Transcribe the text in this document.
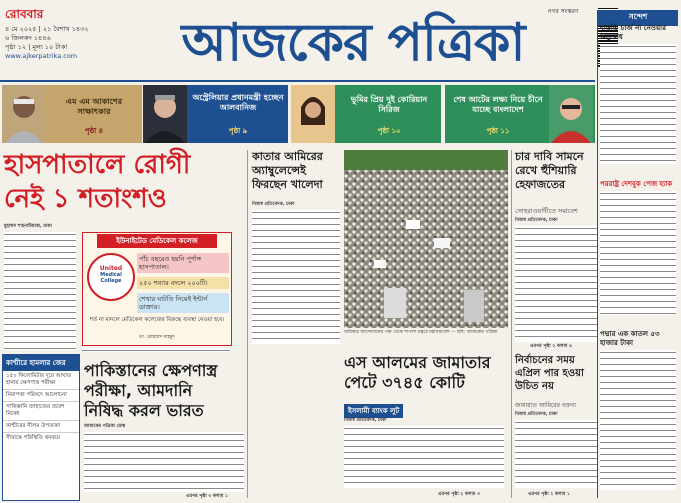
রোববার
৪ মে ২০২৫ | ২১ বৈশাখ ১৪৩২
৬ জিলকদ ১৪৪৬
পৃষ্ঠা ১২ | মূল্য ১০ টাকা
www.ajkerpatrika.com	আজকের পত্রিকা
নগর সংস্করণ
এম এম আকাশের সাক্ষাৎকার
পৃষ্ঠা ৪
অস্ট্রেলিয়ার প্রধানমন্ত্রী হচ্ছেন আলবানিজ
পৃষ্ঠা ৯
ভূমির প্রিয় দুই কোরিয়ান সিরিজ
পৃষ্ঠা ১০
শেষ আটের লক্ষ্য নিয়ে চীনে যাচ্ছে বাংলাদেশ
পৃষ্ঠা ১১
হাসপাতালে রোগী
নেই ১ শতাংশও
মুহাম্মদ শাহনাউয়াজ, ঢাকা
ইউনাইটেড মেডিকেল কলেজ
United
Medical
College
পাঁচ বছরেও হয়নি পূর্ণাঙ্গ হাসপাতাল।
২৫০ শয্যার বদলে ২০০টি।
শেখার ঘাটতি নিয়েই ইন্টার্ন ডাক্তার।
শর্ত না মানলে মেডিকেল কলেজের বিরুদ্ধে ব্যবস্থা নেওয়া হবে।
ডা. মোহাম্মদ মাহমুদ
কাশ্মীরে হামলার জের
১৫০ কিলোমিটার দূরে আঘাত হানার ক্ষেপণাস্ত্র পরীক্ষা
নিরাপত্তা পরিষদে আলোচনা
পাকিস্তানি জাহাজের প্রবেশ নিষেধ
কাশ্মীরের নীলম উপত্যকা
সীমান্তে পরিস্থিতি থমথমে
পাকিস্তানের ক্ষেপণাস্ত্র
পরীক্ষা, আমদানি
নিষিদ্ধ করল ভারত
আজকের পত্রিকা ডেস্ক
এরপর পৃষ্ঠা ৩ কলাম ১
কাতার আমিরের অ্যাম্বুলেন্সেই ফিরছেন খালেদা
নিজস্ব প্রতিবেদক, ঢাকা
অধিকার আন্দোলনের পক্ষ থেকে শাপলা চত্বরে মহাসমাবেশ — ছবি: আজকের পত্রিকা
এস আলমের জামাতার
পেটে ৩৭৪৫ কোটি
ইসলামী ব্যাংক লুট
নিজস্ব প্রতিবেদক, ঢাকা
এরপর পৃষ্ঠা ২ কলাম ৩
চার দাবি সামনে রেখে হুঁশিয়ারি হেফাজতের
সোহরাওয়ার্দীতে সমাবেশ
নিজস্ব প্রতিবেদক, ঢাকা
এরপর পৃষ্ঠা ২ কলাম ৪
নির্বাচনের সময় এপ্রিল পার হওয়া উচিত নয়
জামায়াত আমিরের বক্তব্য
নিজস্ব প্রতিবেদক, ঢাকা
এরপর পৃষ্ঠা ২ কলাম ১
সন্দেশ
বাড়তি চার্জ না নেওয়ার অনুরোধ
পররাষ্ট্র দেশবুক পেজ হ্যাক
পদ্মার এক কাতল ৫৩ হাজার টাকা
